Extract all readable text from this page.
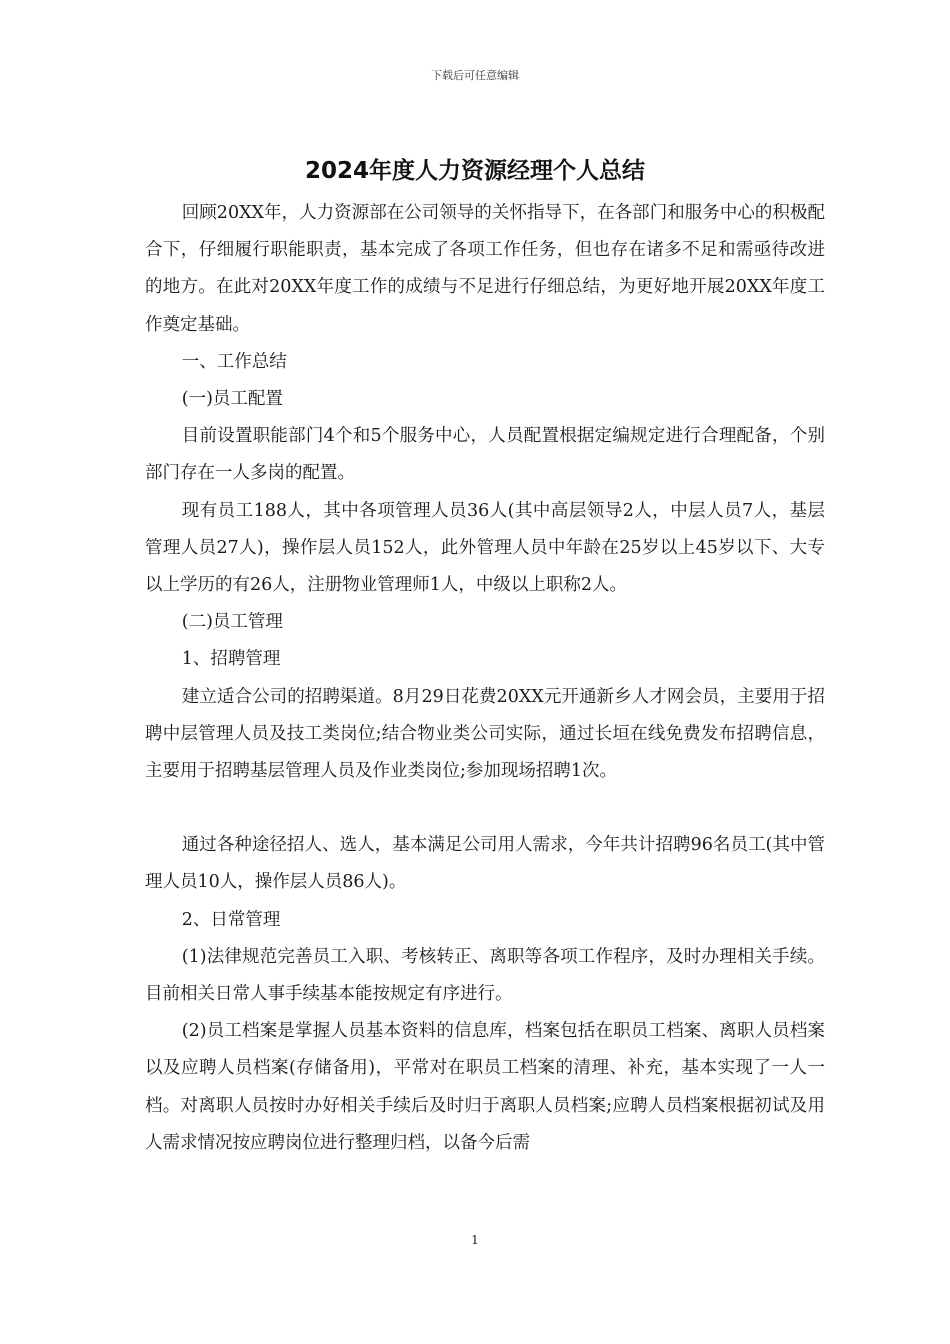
下载后可任意编辑
2024年度人力资源经理个人总结

回顾20XX年，人力资源部在公司领导的关怀指导下，在各部门和服务中心的积极配合下，仔细履行职能职责，基本完成了各项工作任务，但也存在诸多不足和需亟待改进的地方。在此对20XX年度工作的成绩与不足进行仔细总结，为更好地开展20XX年度工作奠定基础。

一、工作总结

(一)员工配置

目前设置职能部门4个和5个服务中心，人员配置根据定编规定进行合理配备，个别部门存在一人多岗的配置。

现有员工188人，其中各项管理人员36人(其中高层领导2人，中层人员7人，基层管理人员27人)，操作层人员152人，此外管理人员中年龄在25岁以上45岁以下、大专以上学历的有26人，注册物业管理师1人，中级以上职称2人。

(二)员工管理

1、招聘管理

建立适合公司的招聘渠道。8月29日花费20XX元开通新乡人才网会员，主要用于招聘中层管理人员及技工类岗位;结合物业类公司实际，通过长垣在线免费发布招聘信息，主要用于招聘基层管理人员及作业类岗位;参加现场招聘1次。

通过各种途径招人、选人，基本满足公司用人需求，今年共计招聘96名员工(其中管理人员10人，操作层人员86人)。

2、日常管理

(1)法律规范完善员工入职、考核转正、离职等各项工作程序，及时办理相关手续。目前相关日常人事手续基本能按规定有序进行。

(2)员工档案是掌握人员基本资料的信息库，档案包括在职员工档案、离职人员档案以及应聘人员档案(存储备用)，平常对在职员工档案的清理、补充，基本实现了一人一档。对离职人员按时办好相关手续后及时归于离职人员档案;应聘人员档案根据初试及用人需求情况按应聘岗位进行整理归档，以备今后需

1
